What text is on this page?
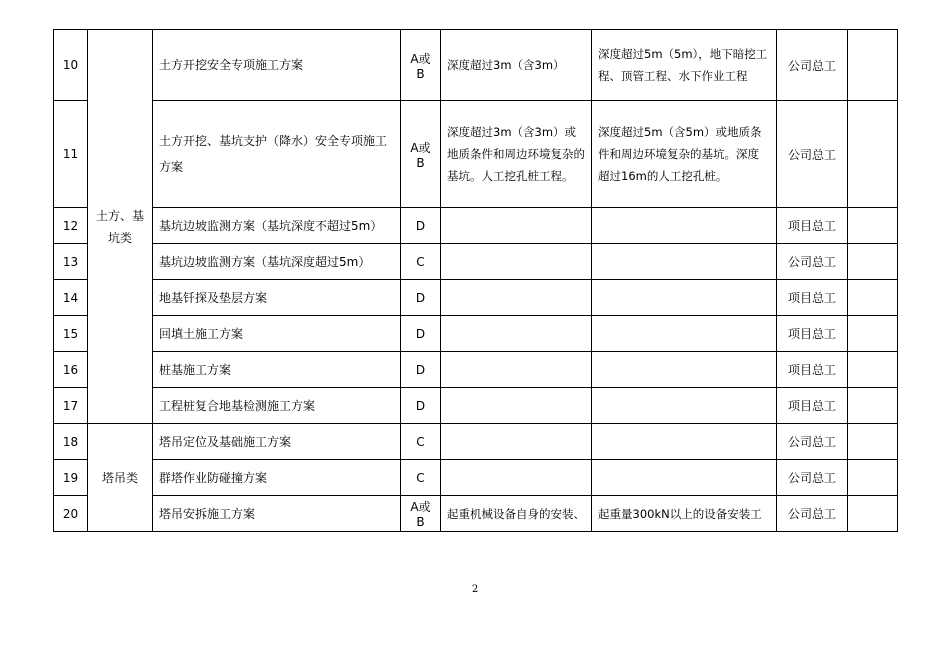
10	土方、基坑类	土方开挖安全专项施工方案	A或B	深度超过3m（含3m）	深度超过5m（5m），地下暗挖工程、顶管工程、水下作业工程	公司总工	
11		土方开挖、基坑支护（降水）安全专项施工方案	A或B	深度超过3m（含3m）或地质条件和周边环境复杂的基坑。人工挖孔桩工程。	深度超过5m（含5m）或地质条件和周边环境复杂的基坑。深度超过16m的人工挖孔桩。	公司总工	
12		基坑边坡监测方案（基坑深度不超过5m）	D			项目总工	
13		基坑边坡监测方案（基坑深度超过5m）	C			公司总工	
14		地基钎探及垫层方案	D			项目总工	
15		回填土施工方案	D			项目总工	
16		桩基施工方案	D			项目总工	
17		工程桩复合地基检测施工方案	D			项目总工	
18	塔吊类	塔吊定位及基础施工方案	C			公司总工	
19		群塔作业防碰撞方案	C			公司总工	
20		塔吊安拆施工方案	A或B	起重机械设备自身的安装、	起重量300kN以上的设备安装工	公司总工	
2
